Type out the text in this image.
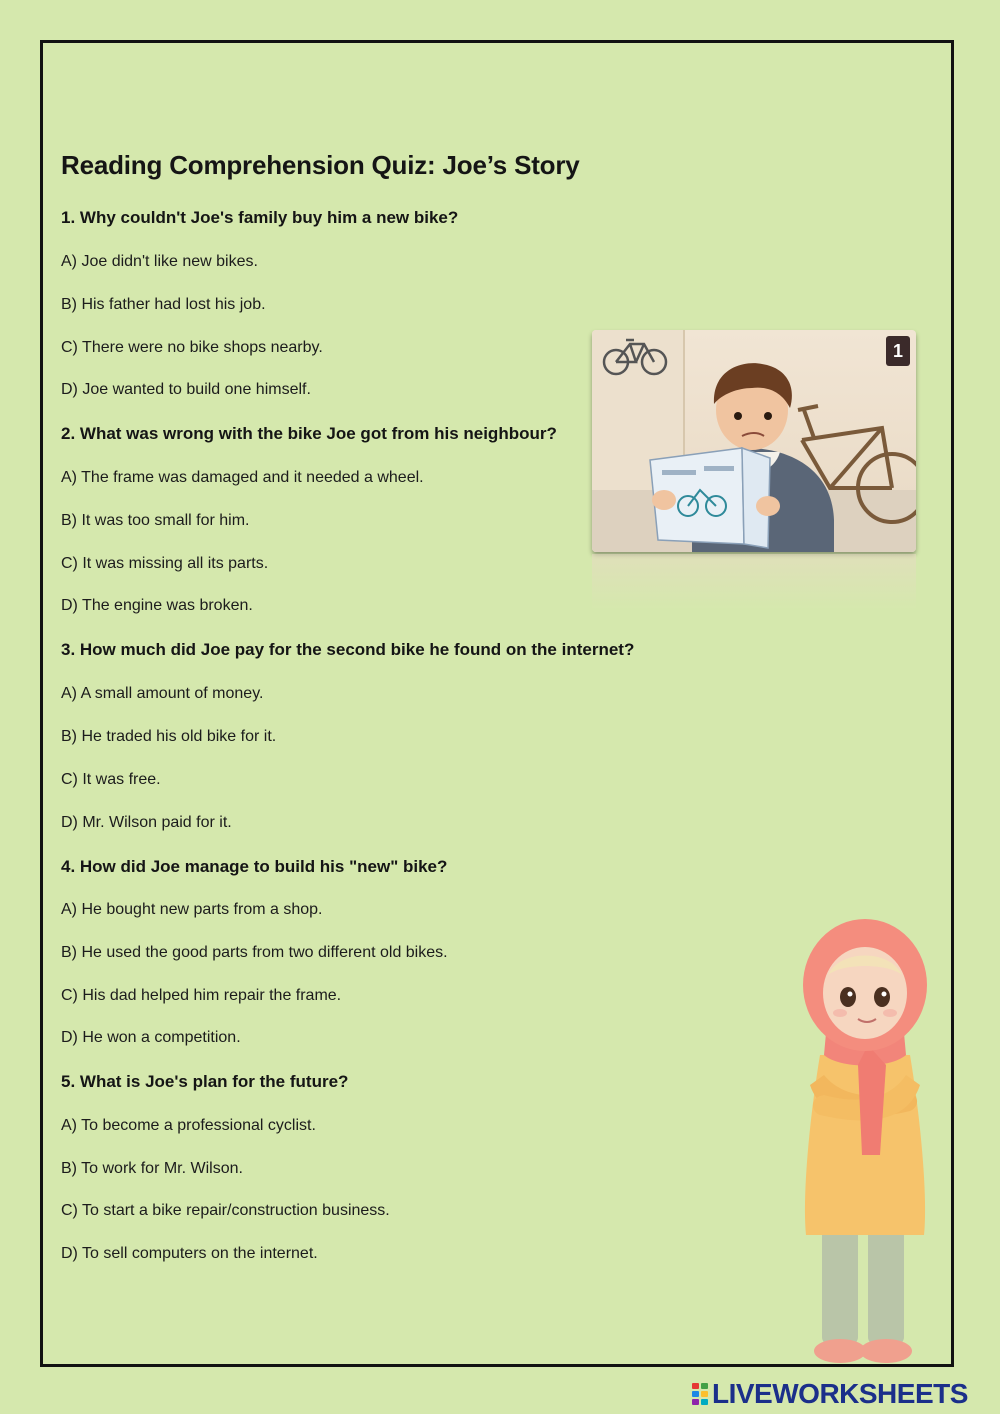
Reading Comprehension Quiz: Joe’s Story
1. Why couldn't Joe's family buy him a new bike?
A) Joe didn't like new bikes.
B) His father had lost his job.
C) There were no bike shops nearby.
D) Joe wanted to build one himself.
2. What was wrong with the bike Joe got from his neighbour?
A) The frame was damaged and it needed a wheel.
B) It was too small for him.
C) It was missing all its parts.
D) The engine was broken.
3. How much did Joe pay for the second bike he found on the internet?
A) A small amount of money.
B) He traded his old bike for it.
C) It was free.
D) Mr. Wilson paid for it.
4. How did Joe manage to build his "new" bike?
A) He bought new parts from a shop.
B) He used the good parts from two different old bikes.
C) His dad helped him repair the frame.
D) He won a competition.
5. What is Joe's plan for the future?
A) To become a professional cyclist.
B) To work for Mr. Wilson.
C) To start a bike repair/construction business.
D) To sell computers on the internet.
1
LIVEWORKSHEETS
